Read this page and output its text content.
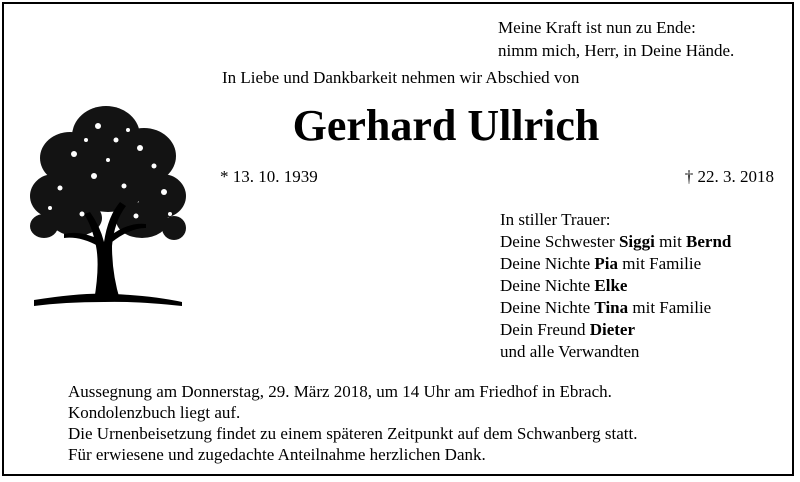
Meine Kraft ist nun zu Ende:
nimm mich, Herr, in Deine Hände.
In Liebe und Dankbarkeit nehmen wir Abschied von
Gerhard Ullrich
* 13. 10. 1939	† 22. 3. 2018
In stiller Trauer:
Deine Schwester Siggi mit Bernd
Deine Nichte Pia mit Familie
Deine Nichte Elke
Deine Nichte Tina mit Familie
Dein Freund Dieter
und alle Verwandten
Aussegnung am Donnerstag, 29. März 2018, um 14 Uhr am Friedhof in Ebrach.
Kondolenzbuch liegt auf.
Die Urnenbeisetzung findet zu einem späteren Zeitpunkt auf dem Schwanberg statt.
Für erwiesene und zugedachte Anteilnahme herzlichen Dank.
